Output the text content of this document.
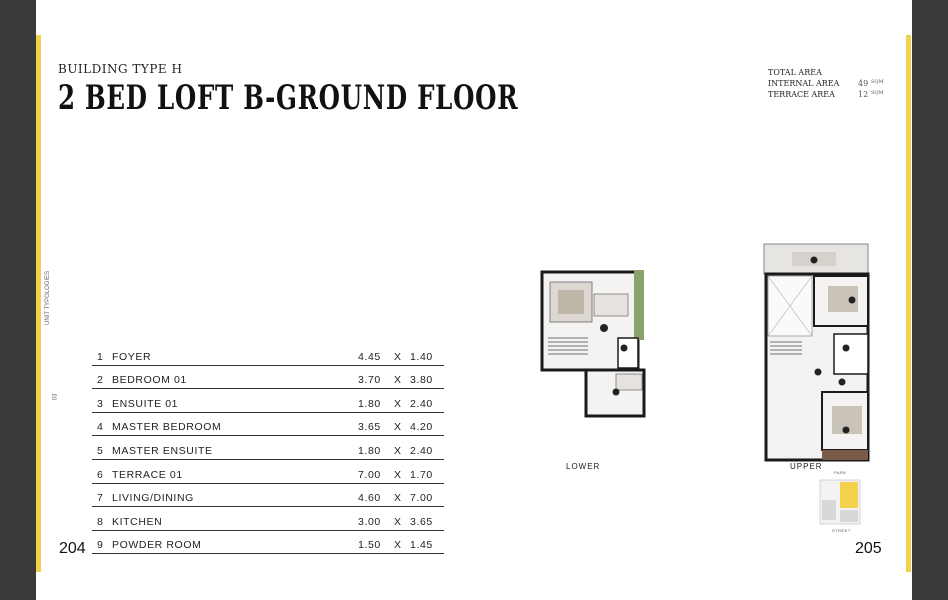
BUILDING TYPE H
2 BED LOFT B-GROUND FLOOR
TOTAL AREA
INTERNAL AREA 49 SQM
TERRACE AREA	12 SQM
UNIT TYPOLOGIES
03
1 FOYER	4.45 X 1.40
2 BEDROOM 01	3.70 X 3.80
3 ENSUITE 01	1.80 X 2.40
4 MASTER BEDROOM	3.65 X 4.20
5 MASTER ENSUITE	1.80 X 2.40
6 TERRACE 01	7.00 X 1.70
7 LIVING/DINING	4.60 X 7.00
8 KITCHEN	3.00 X 3.65
9 POWDER ROOM	1.50 X 1.45
LOWER	UPPER
PARK
STREET
204	205
